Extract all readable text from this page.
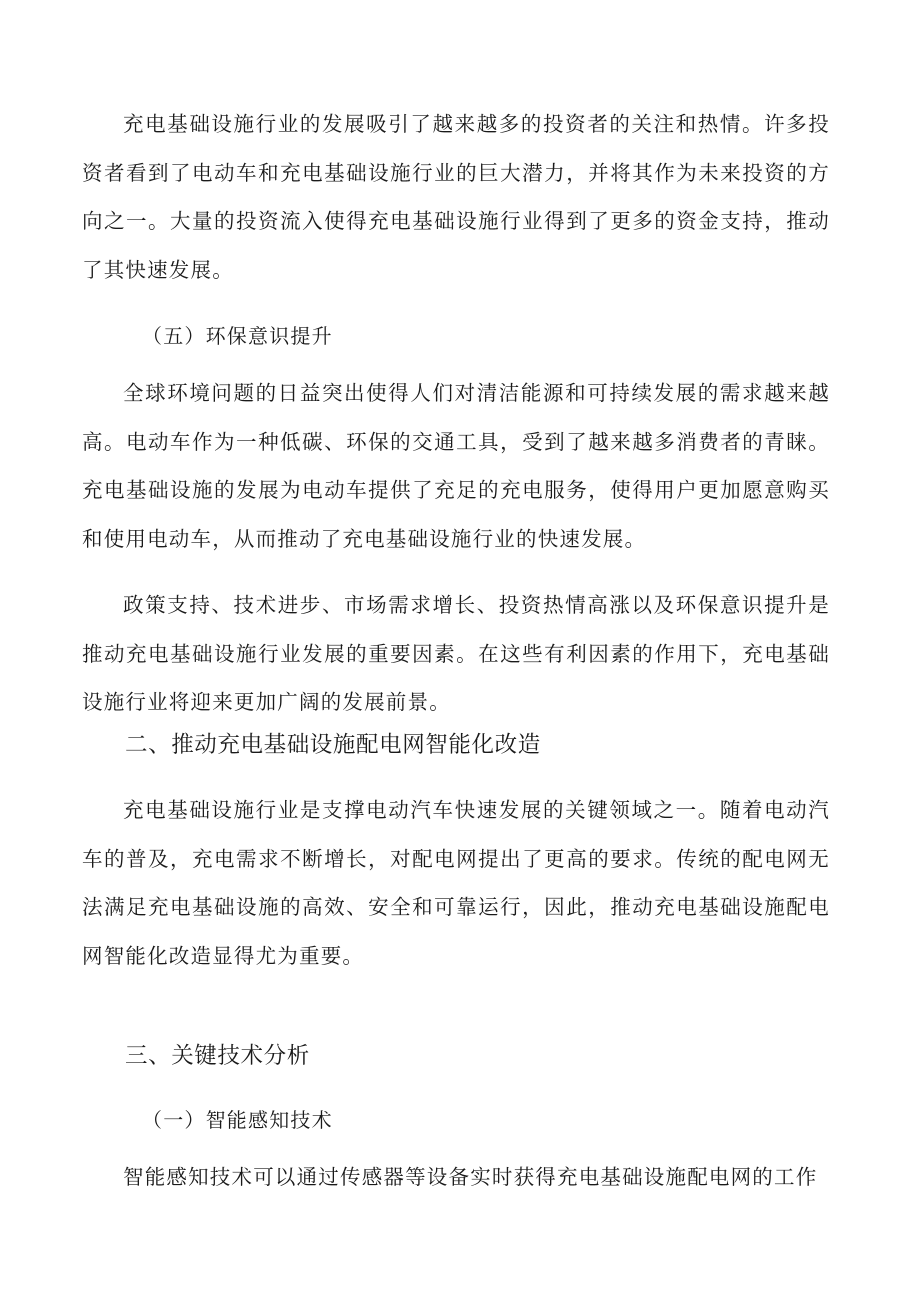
充电基础设施行业的发展吸引了越来越多的投资者的关注和热情。许多投资者看到了电动车和充电基础设施行业的巨大潜力，并将其作为未来投资的方向之一。大量的投资流入使得充电基础设施行业得到了更多的资金支持，推动了其快速发展。

（五）环保意识提升

全球环境问题的日益突出使得人们对清洁能源和可持续发展的需求越来越高。电动车作为一种低碳、环保的交通工具，受到了越来越多消费者的青睐。充电基础设施的发展为电动车提供了充足的充电服务，使得用户更加愿意购买和使用电动车，从而推动了充电基础设施行业的快速发展。

政策支持、技术进步、市场需求增长、投资热情高涨以及环保意识提升是推动充电基础设施行业发展的重要因素。在这些有利因素的作用下，充电基础设施行业将迎来更加广阔的发展前景。

二、推动充电基础设施配电网智能化改造

充电基础设施行业是支撑电动汽车快速发展的关键领域之一。随着电动汽车的普及，充电需求不断增长，对配电网提出了更高的要求。传统的配电网无法满足充电基础设施的高效、安全和可靠运行，因此，推动充电基础设施配电网智能化改造显得尤为重要。

三、关键技术分析

（一）智能感知技术

智能感知技术可以通过传感器等设备实时获得充电基础设施配电网的工作
